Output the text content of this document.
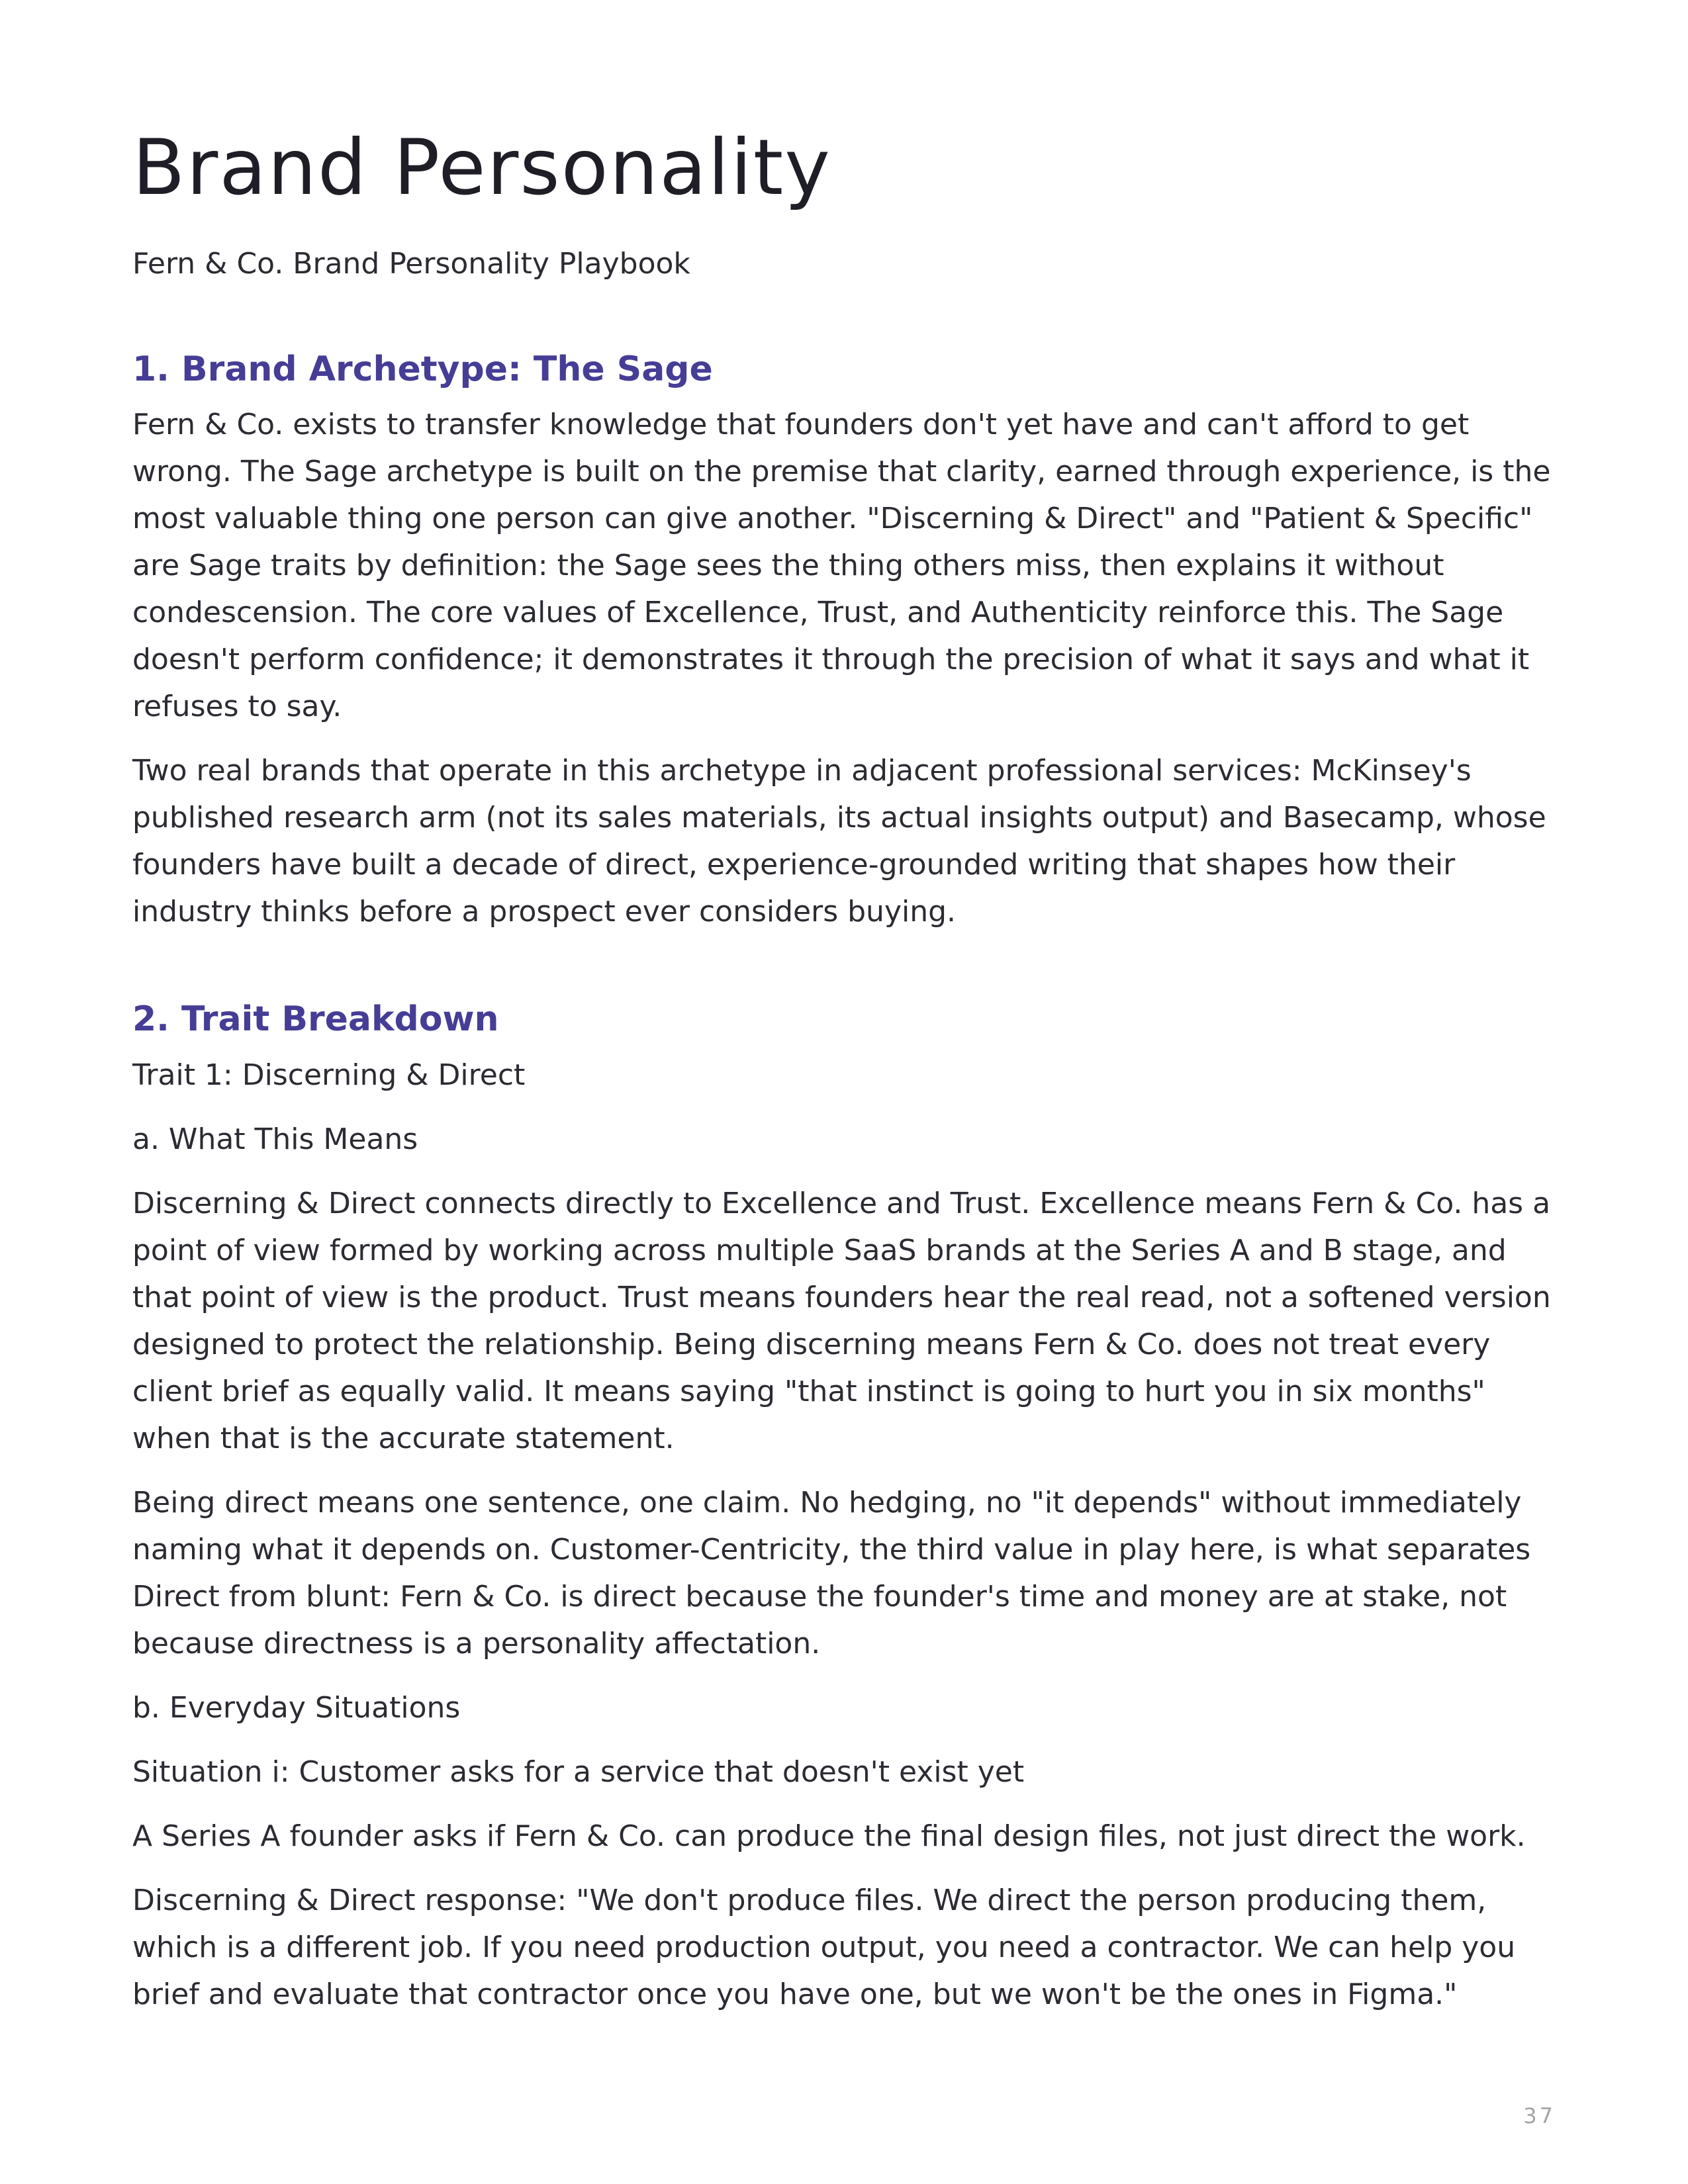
Brand Personality
Fern & Co. Brand Personality Playbook
1. Brand Archetype: The Sage

Fern & Co. exists to transfer knowledge that founders don't yet have and can't afford to get wrong. The Sage archetype is built on the premise that clarity, earned through experience, is the most valuable thing one person can give another. "Discerning & Direct" and "Patient & Specific" are Sage traits by definition: the Sage sees the thing others miss, then explains it without condescension. The core values of Excellence, Trust, and Authenticity reinforce this. The Sage doesn't perform confidence; it demonstrates it through the precision of what it says and what it refuses to say.

Two real brands that operate in this archetype in adjacent professional services: McKinsey's published research arm (not its sales materials, its actual insights output) and Basecamp, whose founders have built a decade of direct, experience-grounded writing that shapes how their industry thinks before a prospect ever considers buying.

2. Trait Breakdown

Trait 1: Discerning & Direct

a. What This Means

Discerning & Direct connects directly to Excellence and Trust. Excellence means Fern & Co. has a point of view formed by working across multiple SaaS brands at the Series A and B stage, and that point of view is the product. Trust means founders hear the real read, not a softened version designed to protect the relationship. Being discerning means Fern & Co. does not treat every client brief as equally valid. It means saying "that instinct is going to hurt you in six months" when that is the accurate statement.

Being direct means one sentence, one claim. No hedging, no "it depends" without immediately naming what it depends on. Customer-Centricity, the third value in play here, is what separates Direct from blunt: Fern & Co. is direct because the founder's time and money are at stake, not because directness is a personality affectation.

b. Everyday Situations

Situation i: Customer asks for a service that doesn't exist yet

A Series A founder asks if Fern & Co. can produce the final design files, not just direct the work.

Discerning & Direct response: "We don't produce files. We direct the person producing them, which is a different job. If you need production output, you need a contractor. We can help you brief and evaluate that contractor once you have one, but we won't be the ones in Figma."

37
